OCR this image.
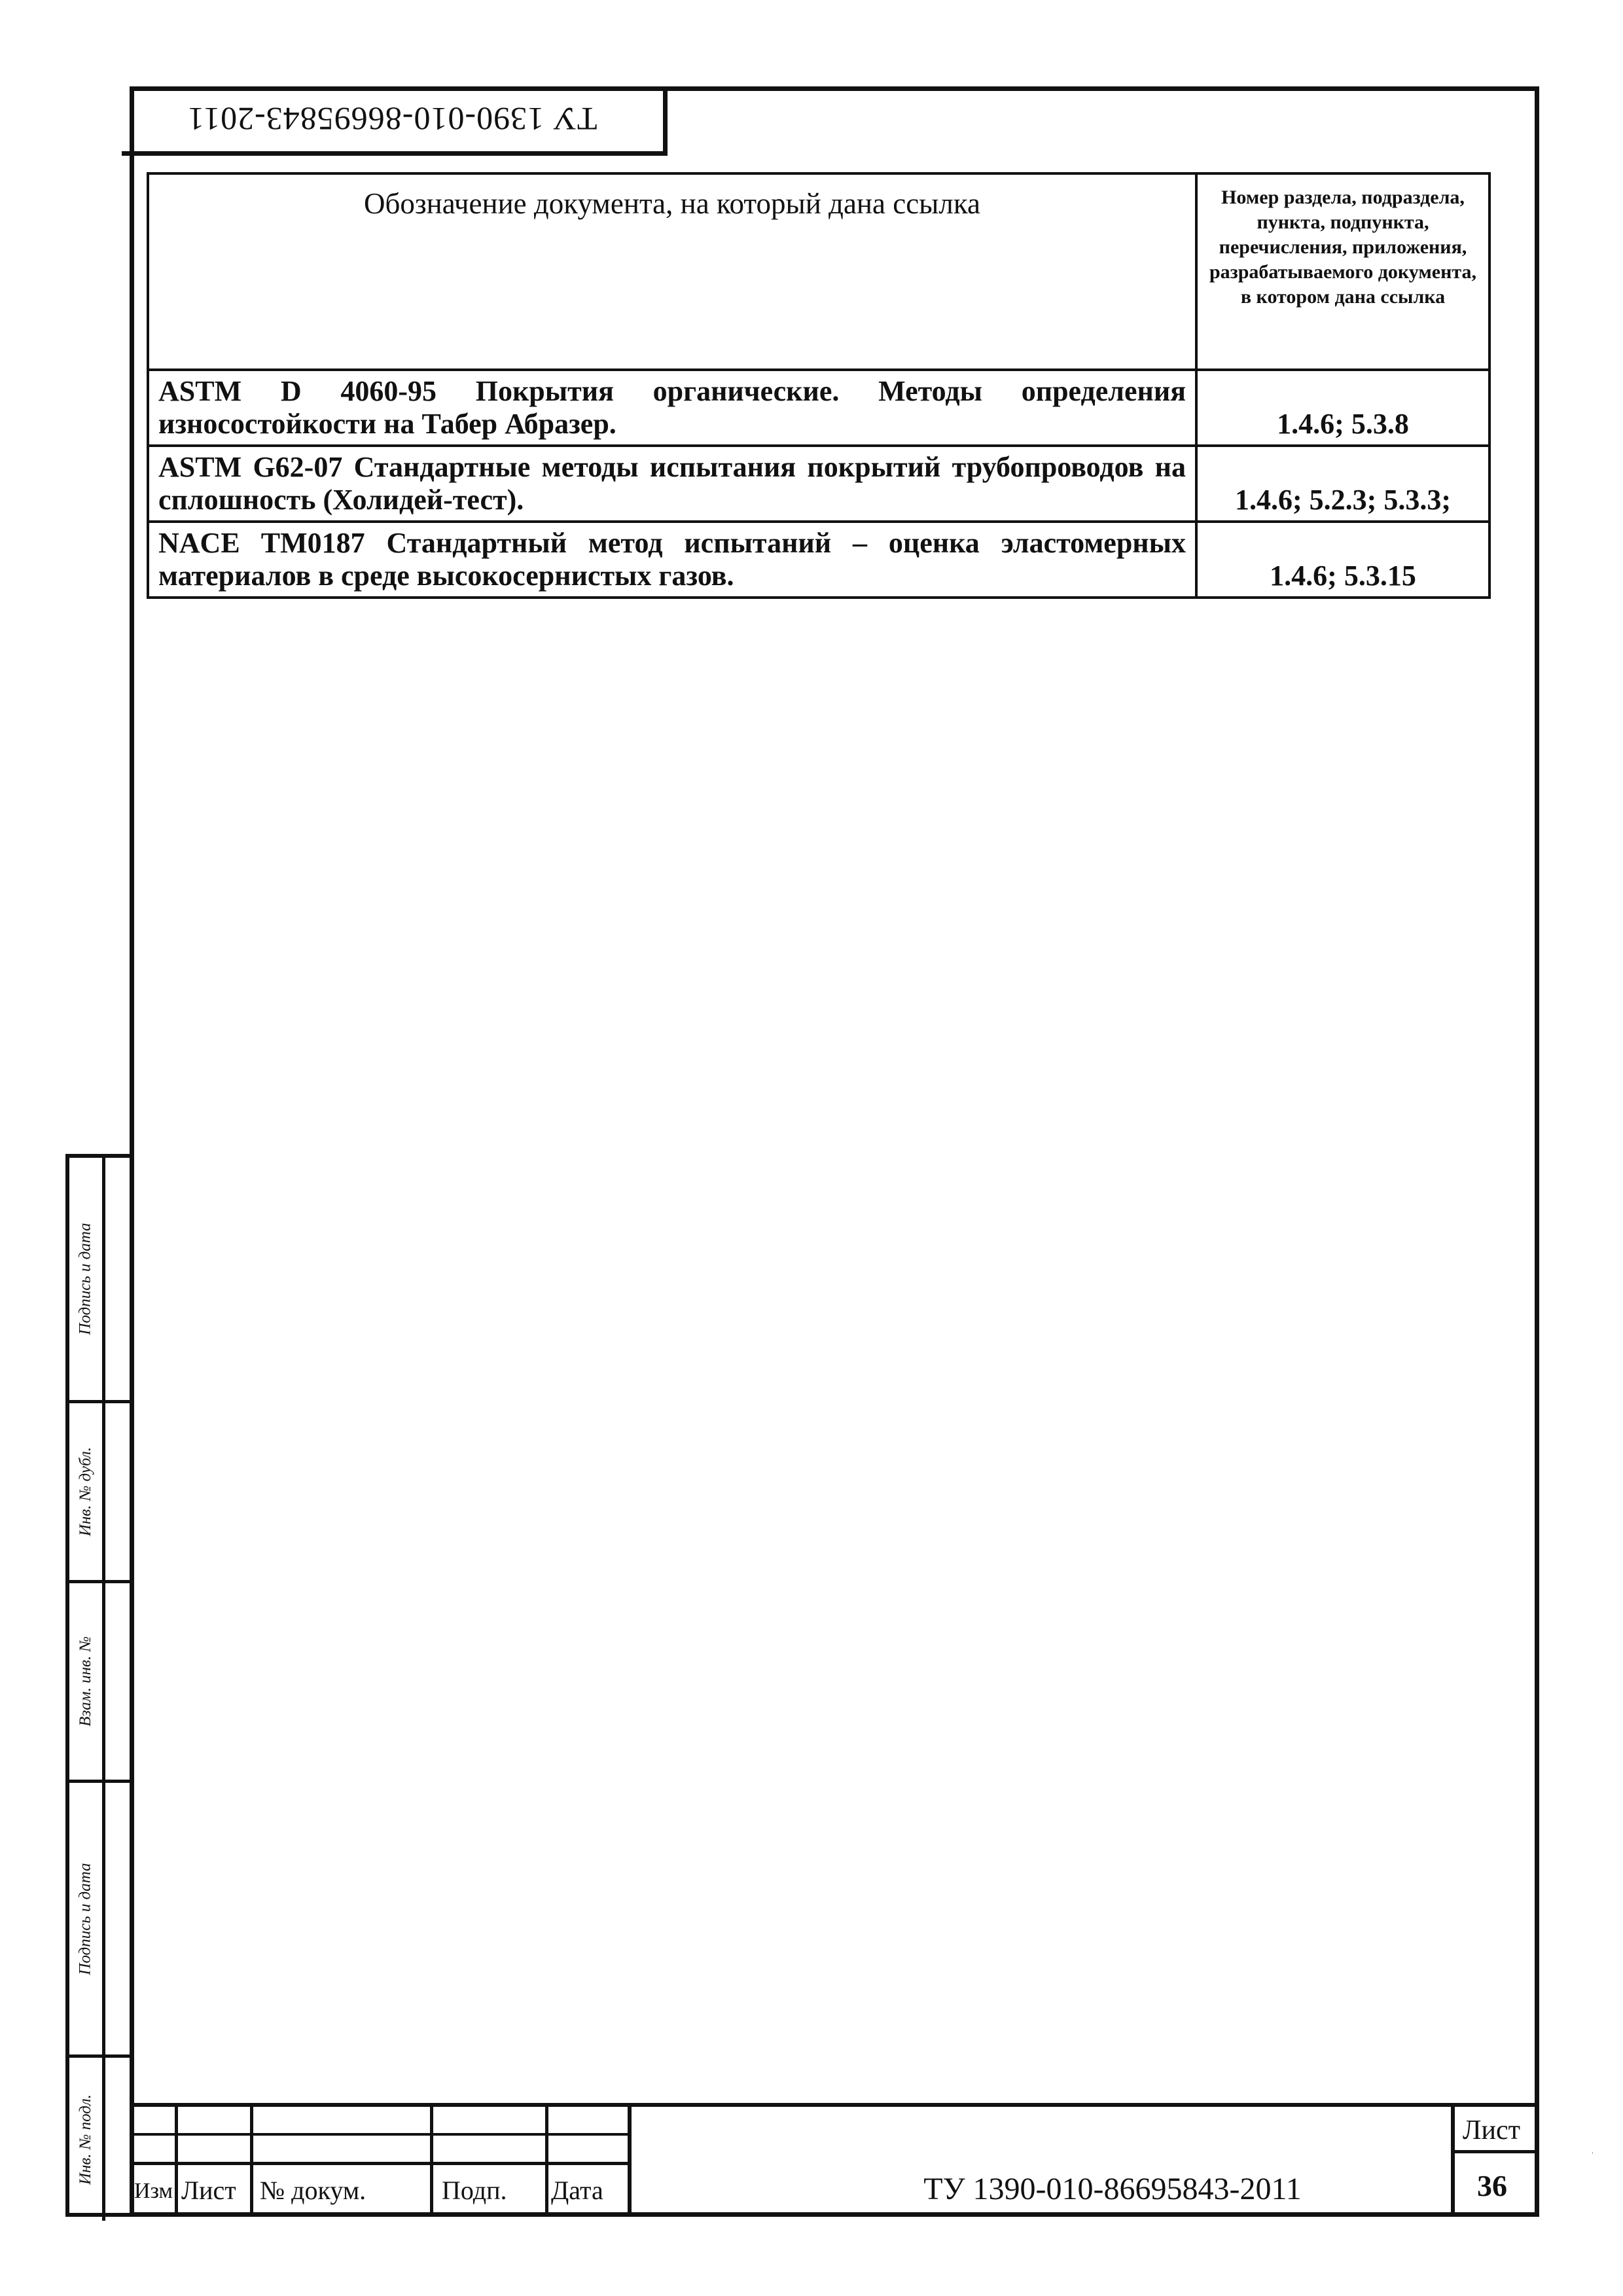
ТУ 1390-010-86695843-2011
Обозначение документа, на который дана ссылка	Номер раздела, подраздела, пункта, подпункта, перечисления, приложения, разрабатываемого документа, в котором дана ссылка
ASTM D 4060-95 Покрытия органические. Методы определения износостойкости на Табер Абразер.	1.4.6; 5.3.8
ASTM G62-07 Стандартные методы испытания покрытий трубопроводов на сплошность (Холидей-тест).	1.4.6; 5.2.3; 5.3.3;
NACE TM0187 Стандартный метод испытаний – оценка эластомерных материалов в среде высокосернистых газов.	1.4.6; 5.3.15
Подпись и дата
Инв. № дубл.
Взам. инв. №
Подпись и дата
Инв. № подл.
Изм Лист № докум.	Подп. Дата	ТУ 1390-010-86695843-2011
Лист
36
